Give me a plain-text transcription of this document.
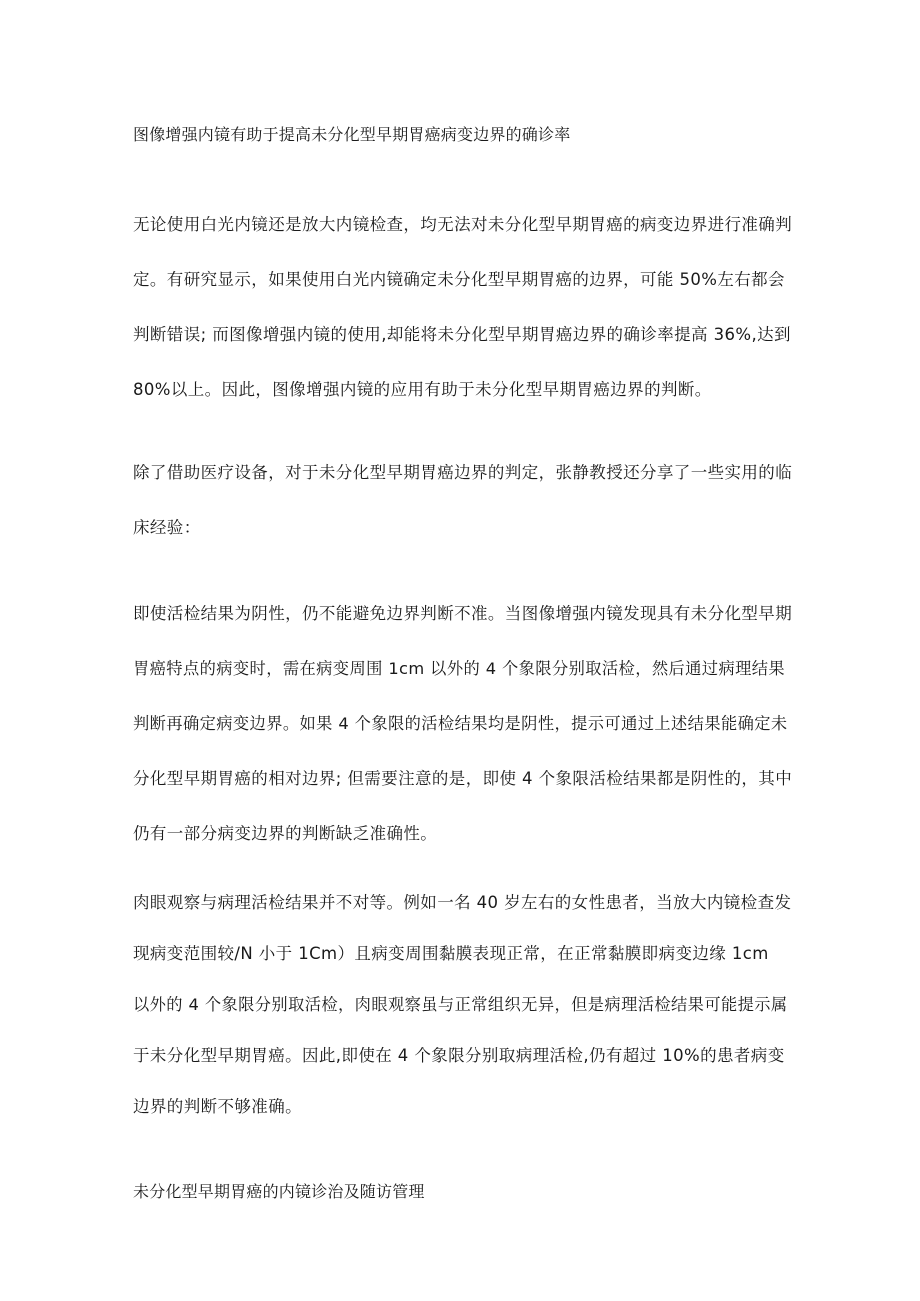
图像增强内镜有助于提高未分化型早期胃癌病变边界的确诊率
无论使用白光内镜还是放大内镜检查，均无法对未分化型早期胃癌的病变边界进行准确判
定。有研究显示，如果使用白光内镜确定未分化型早期胃癌的边界，可能 50%左右都会
判断错误; 而图像增强内镜的使用,却能将未分化型早期胃癌边界的确诊率提高 36%,达到
80%以上。因此，图像增强内镜的应用有助于未分化型早期胃癌边界的判断。
除了借助医疗设备，对于未分化型早期胃癌边界的判定，张静教授还分享了一些实用的临
床经验：
即使活检结果为阴性，仍不能避免边界判断不准。当图像增强内镜发现具有未分化型早期
胃癌特点的病变时，需在病变周围 1cm 以外的 4 个象限分别取活检，然后通过病理结果
判断再确定病变边界。如果 4 个象限的活检结果均是阴性，提示可通过上述结果能确定未
分化型早期胃癌的相对边界; 但需要注意的是，即使 4 个象限活检结果都是阴性的，其中
仍有一部分病变边界的判断缺乏准确性。
肉眼观察与病理活检结果并不对等。例如一名 40 岁左右的女性患者，当放大内镜检查发
现病变范围较/N 小于 1Cm）且病变周围黏膜表现正常，在正常黏膜即病变边缘 1cm
以外的 4 个象限分别取活检，肉眼观察虽与正常组织无异，但是病理活检结果可能提示属
于未分化型早期胃癌。因此,即使在 4 个象限分别取病理活检,仍有超过 10%的患者病变
边界的判断不够准确。
未分化型早期胃癌的内镜诊治及随访管理
